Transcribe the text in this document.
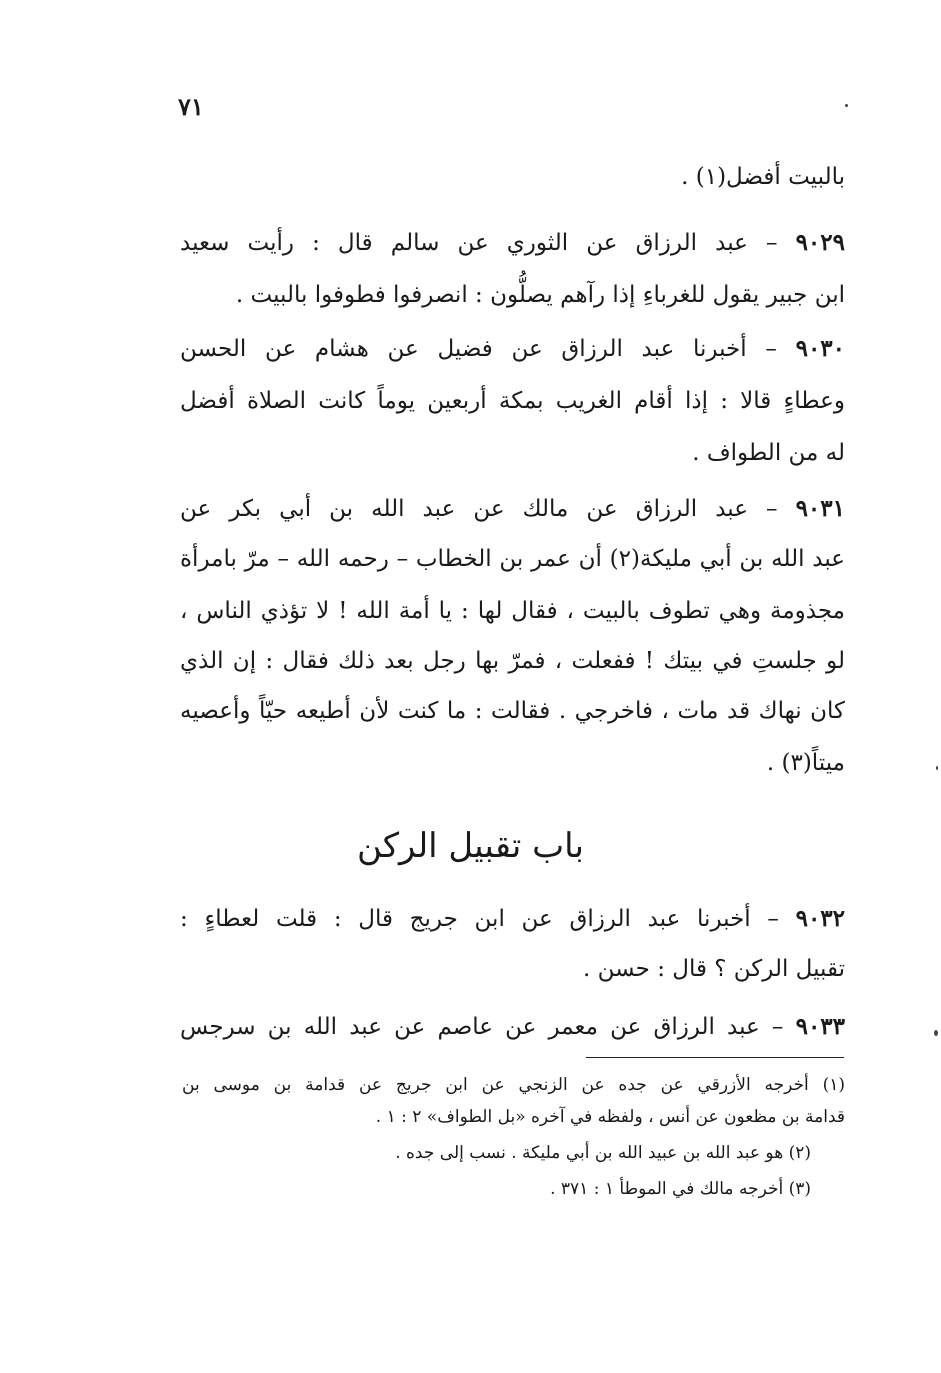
٧١
بالبيت أفضل(١) .
٩٠٢٩ – عبد الرزاق عن الثوري عن سالم قال : رأيت سعيد
ابن جبير يقول للغرباءِ إذا رآهم يصلُّون : انصرفوا فطوفوا بالبيت .
٩٠٣٠ – أخبرنا عبد الرزاق عن فضيل عن هشام عن الحسن
وعطاءٍ قالا : إذا أقام الغريب بمكة أربعين يوماً كانت الصلاة أفضل
له من الطواف .
٩٠٣١ – عبد الرزاق عن مالك عن عبد الله بن أبي بكر عن
عبد الله بن أبي مليكة(٢) أن عمر بن الخطاب – رحمه الله – مرّ بامرأة
مجذومة وهي تطوف بالبيت ، فقال لها : يا أمة الله ! لا تؤذي الناس ،
لو جلستِ في بيتك ! ففعلت ، فمرّ بها رجل بعد ذلك فقال : إن الذي
كان نهاك قد مات ، فاخرجي . فقالت : ما كنت لأن أطيعه حيّاً وأعصيه
ميتاً(٣) .
باب تقبيل الركن
٩٠٣٢ – أخبرنا عبد الرزاق عن ابن جريج قال : قلت لعطاءٍ :
تقبيل الركن ؟ قال : حسن .
٩٠٣٣ – عبد الرزاق عن معمر عن عاصم عن عبد الله بن سرجس
(١) أخرجه الأزرقي عن جده عن الزنجي عن ابن جريج عن قدامة بن موسى بن
قدامة بن مظعون عن أنس ، ولفظه في آخره «بل الطواف» ٢ : ١ .
(٢) هو عبد الله بن عبيد الله بن أبي مليكة . نسب إلى جده .
(٣) أخرجه مالك في الموطأ ١ : ٣٧١ .
